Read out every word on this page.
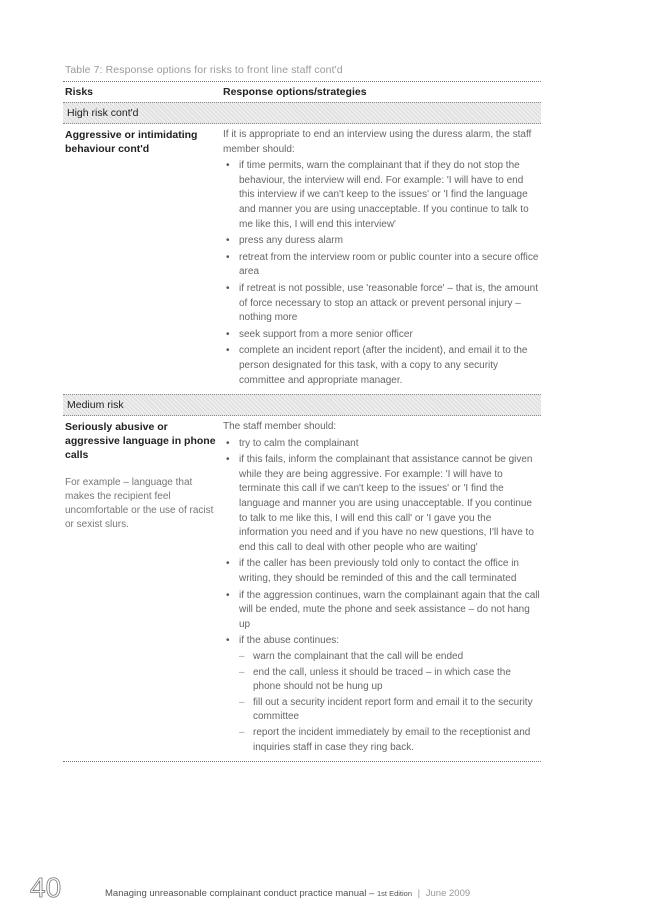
Table 7: Response options for risks to front line staff cont'd
Risks	Response options/strategies
High risk cont'd
Aggressive or intimidating behaviour cont'd
If it is appropriate to end an interview using the duress alarm, the staff member should:
• if time permits, warn the complainant that if they do not stop the behaviour, the interview will end. For example: 'I will have to end this interview if we can't keep to the issues' or 'I find the language and manner you are using unacceptable. If you continue to talk to me like this, I will end this interview'
• press any duress alarm
• retreat from the interview room or public counter into a secure office area
• if retreat is not possible, use 'reasonable force' – that is, the amount of force necessary to stop an attack or prevent personal injury – nothing more
• seek support from a more senior officer
• complete an incident report (after the incident), and email it to the person designated for this task, with a copy to any security committee and appropriate manager.
Medium risk
Seriously abusive or aggressive language in phone calls
For example – language that makes the recipient feel uncomfortable or the use of racist or sexist slurs.
The staff member should:
• try to calm the complainant
• if this fails, inform the complainant that assistance cannot be given while they are being aggressive. For example: 'I will have to terminate this call if we can't keep to the issues' or 'I find the language and manner you are using unacceptable. If you continue to talk to me like this, I will end this call' or 'I gave you the information you need and if you have no new questions, I'll have to end this call to deal with other people who are waiting'
• if the caller has been previously told only to contact the office in writing, they should be reminded of this and the call terminated
• if the aggression continues, warn the complainant again that the call will be ended, mute the phone and seek assistance – do not hang up
• if the abuse continues:
– warn the complainant that the call will be ended
– end the call, unless it should be traced – in which case the phone should not be hung up
– fill out a security incident report form and email it to the security committee
– report the incident immediately by email to the receptionist and inquiries staff in case they ring back.
40	Managing unreasonable complainant conduct practice manual – 1st Edition | June 2009
